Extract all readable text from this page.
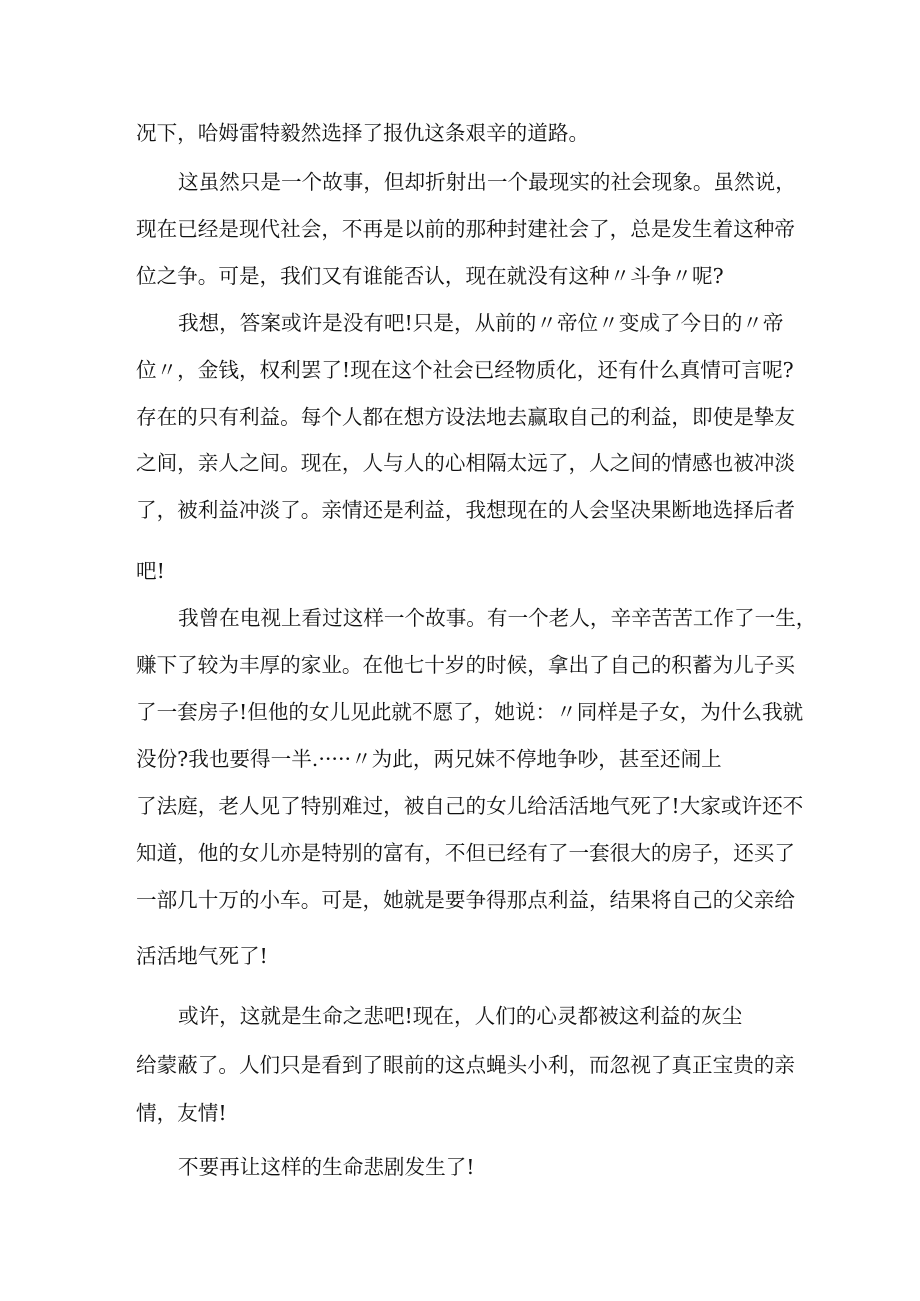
况下，哈姆雷特毅然选择了报仇这条艰辛的道路。
这虽然只是一个故事，但却折射出一个最现实的社会现象。虽然说，
现在已经是现代社会，不再是以前的那种封建社会了，总是发生着这种帝
位之争。可是，我们又有谁能否认，现在就没有这种〃斗争〃呢?
我想，答案或许是没有吧!只是，从前的〃帝位〃变成了今日的〃帝
位〃，金钱，权利罢了!现在这个社会已经物质化，还有什么真情可言呢?
存在的只有利益。每个人都在想方设法地去赢取自己的利益，即使是挚友
之间，亲人之间。现在，人与人的心相隔太远了，人之间的情感也被冲淡
了，被利益冲淡了。亲情还是利益，我想现在的人会坚决果断地选择后者
吧!
我曾在电视上看过这样一个故事。有一个老人，辛辛苦苦工作了一生，
赚下了较为丰厚的家业。在他七十岁的时候，拿出了自己的积蓄为儿子买
了一套房子!但他的女儿见此就不愿了，她说：〃同样是子女，为什么我就
没份?我也要得一半.·····〃为此，两兄妹不停地争吵，甚至还闹上
了法庭，老人见了特别难过，被自己的女儿给活活地气死了!大家或许还不
知道，他的女儿亦是特别的富有，不但已经有了一套很大的房子，还买了
一部几十万的小车。可是，她就是要争得那点利益，结果将自己的父亲给
活活地气死了!
或许，这就是生命之悲吧!现在，人们的心灵都被这利益的灰尘
给蒙蔽了。人们只是看到了眼前的这点蝇头小利，而忽视了真正宝贵的亲
情，友情!
不要再让这样的生命悲剧发生了!
